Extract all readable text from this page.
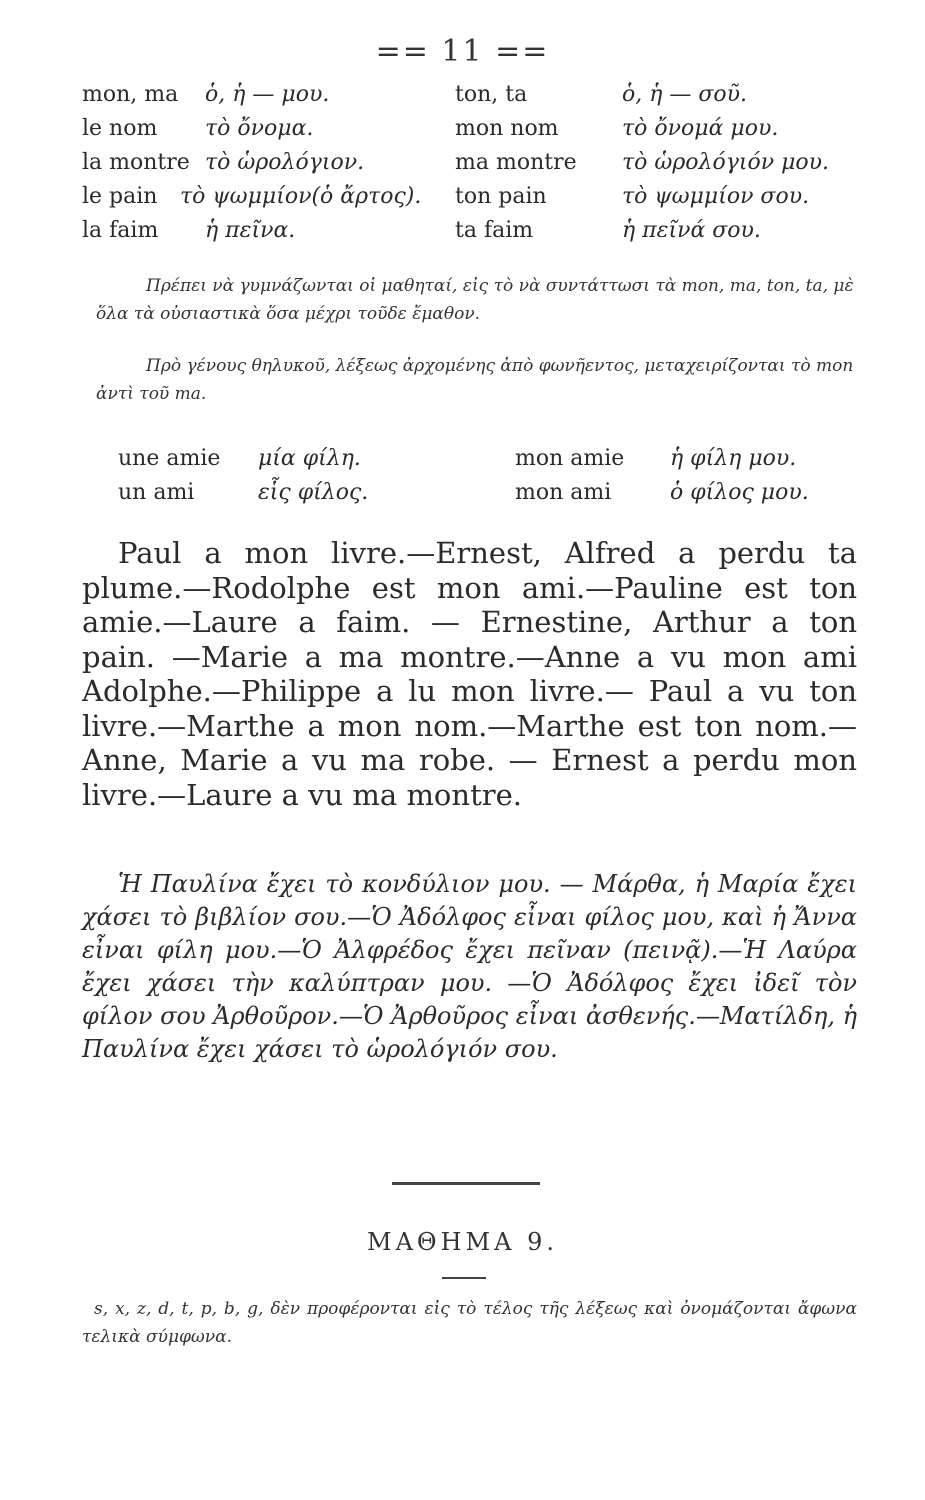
== 11 ==
mon, ma ὁ, ἡ — μου.	ton, ta	ὁ, ἡ — σοῦ.
le nom τὸ ὄνομα.	mon nom	τὸ ὄνομά μου.
la montre τὸ ὡρολόγιον.	ma montre τὸ ὡρολόγιόν μου.
le pain τὸ ψωμμίον(ὁ ἄρτος). ton pain	τὸ ψωμμίον σου.
la faim ἡ πεῖνα.	ta faim	ἡ πεῖνά σου.
Πρέπει νὰ γυμνάζωνται οἱ μαθηταί, εἰς τὸ νὰ συντάττωσι τὰ mon, ma, ton, ta, μὲ ὅλα τὰ οὐσιαστικὰ ὅσα μέχρι τοῦδε ἔμαθον.
Πρὸ γένους θηλυκοῦ, λέξεως ἀρχομένης ἀπὸ φωνῆεντος, μεταχειρίζονται τὸ mon ἀντὶ τοῦ ma.
une amie μία φίλη.	mon amie ἡ φίλη μου.
un ami	εἷς φίλος.	mon ami	ὁ φίλος μου.
Paul a mon livre.—Ernest, Alfred a perdu ta plume.—Rodolphe est mon ami.—Pauline est ton amie.—Laure a faim. — Ernestine, Arthur a ton pain. —Marie a ma montre.—Anne a vu mon ami Adolphe.—Philippe a lu mon livre.— Paul a vu ton livre.—Marthe a mon nom.—Marthe est ton nom.— Anne, Marie a vu ma robe. — Ernest a perdu mon livre.—Laure a vu ma montre.
Ἡ Παυλίνα ἔχει τὸ κονδύλιον μου. — Μάρθα, ἡ Μαρία ἔχει χάσει τὸ βιβλίον σου.—Ὁ Ἀδόλφος εἶναι φίλος μου, καὶ ἡ Ἄννα εἶναι φίλη μου.—Ὁ Ἀλφρέδος ἔχει πεῖναν (πεινᾷ).—Ἡ Λαύρα ἔχει χάσει τὴν καλύπτραν μου. —Ὁ Ἀδόλφος ἔχει ἰδεῖ τὸν φίλον σου Ἀρθοῦρον.—Ὁ Ἀρθοῦρος εἶναι ἀσθενής.—Ματίλδη, ἡ Παυλίνα ἔχει χάσει τὸ ὡρολόγιόν σου.
ΜΑΘΗΜΑ 9.
s, x, z, d, t, p, b, g, δὲν προφέρονται εἰς τὸ τέλος τῆς λέξεως καὶ ὀνομάζονται ἄφωνα τελικὰ σύμφωνα.
